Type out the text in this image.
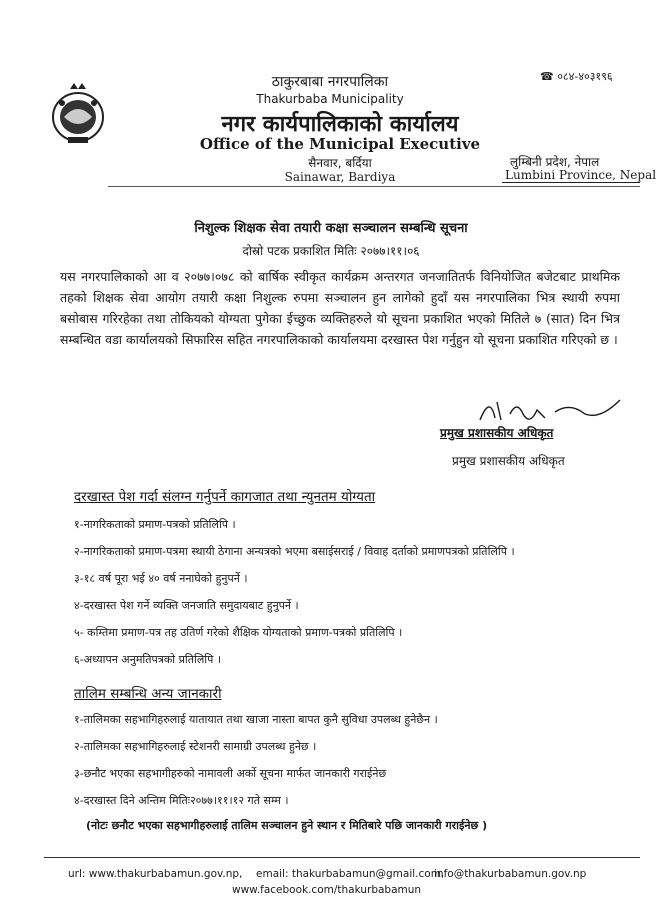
ठाकुरबाबा नगरपालिका
Thakurbaba Municipality
नगर कार्यपालिकाको कार्यालय
Office of the Municipal Executive
सैनवार, बर्दिया
Sainawar, Bardiya
☎ ०८४-४०३१९६
लुम्बिनी प्रदेश, नेपाल
Lumbini Province, Nepal
निशुल्क शिक्षक सेवा तयारी कक्षा सञ्चालन सम्बन्धि सूचना
दोस्रो पटक प्रकाशित मितिः २०७७।११।०६
यस नगरपालिकाको आ व २०७७।०७८ को बार्षिक स्वीकृत कार्यक्रम अन्तरगत जनजातितर्फ विनियोजित बजेटबाट प्राथमिक तहको शिक्षक सेवा आयोग तयारी कक्षा निशुल्क रुपमा सञ्चालन हुन लागेको हुदाँ यस नगरपालिका भित्र स्थायी रुपमा बसोबास गरिरहेका तथा तोकियको योग्यता पुगेका ईच्छुक व्यक्तिहरुले यो सूचना प्रकाशित भएको मितिले ७ (सात) दिन भित्र सम्बन्धित वडा कार्यालयको सिफारिस सहित नगरपालिकाको कार्यालयमा दरखास्त पेश गर्नुहुन यो सूचना प्रकाशित गरिएको छ ।
प्रमुख प्रशासकीय अधिकृत
प्रमुख प्रशासकीय अधिकृत
दरखास्त पेश गर्दा संलग्न गर्नुपर्ने कागजात तथा न्युनतम योग्यता
१-नागरिकताको प्रमाण-पत्रको प्रतिलिपि ।
२-नागरिकताको प्रमाण-पत्रमा स्थायी ठेगाना अन्यत्रको भएमा बसाईसराई / विवाह दर्ताको प्रमाणपत्रको प्रतिलिपि ।
३-१८ वर्ष पूरा भई ४० वर्ष ननाघेको हुनुपर्ने ।
४-दरखास्त पेश गर्ने व्यक्ति जनजाति समुदायबाट हुनुपर्ने ।
५- कम्तिमा प्रमाण-पत्र तह उतिर्ण गरेको शैक्षिक योग्यताको प्रमाण-पत्रको प्रतिलिपि ।
६-अध्यापन अनुमतिपत्रको प्रतिलिपि ।
तालिम सम्बन्धि अन्य जानकारी
१-तालिमका सहभागिहरुलाई यातायात तथा खाजा नास्ता बापत कुनै सुविधा उपलब्ध हुनेछैन ।
२-तालिमका सहभागिहरुलाई स्टेशनरी सामाग्री उपलब्ध हुनेछ ।
३-छनौट भएका सहभागीहरुको नामावली अर्को सूचना मार्फत जानकारी गराईनेछ
४-दरखास्त दिने अन्तिम मितिः२०७७।११।१२ गते सम्म ।
(नोटः छनौट भएका सहभागीहरुलाई तालिम सञ्चालन हुने स्थान र मितिबारे पछि जानकारी गराईनेछ )
url: www.thakurbabamun.gov.np, email: thakurbabamun@gmail.com,
info@thakurbabamun.gov.np
www.facebook.com/thakurbabamun
